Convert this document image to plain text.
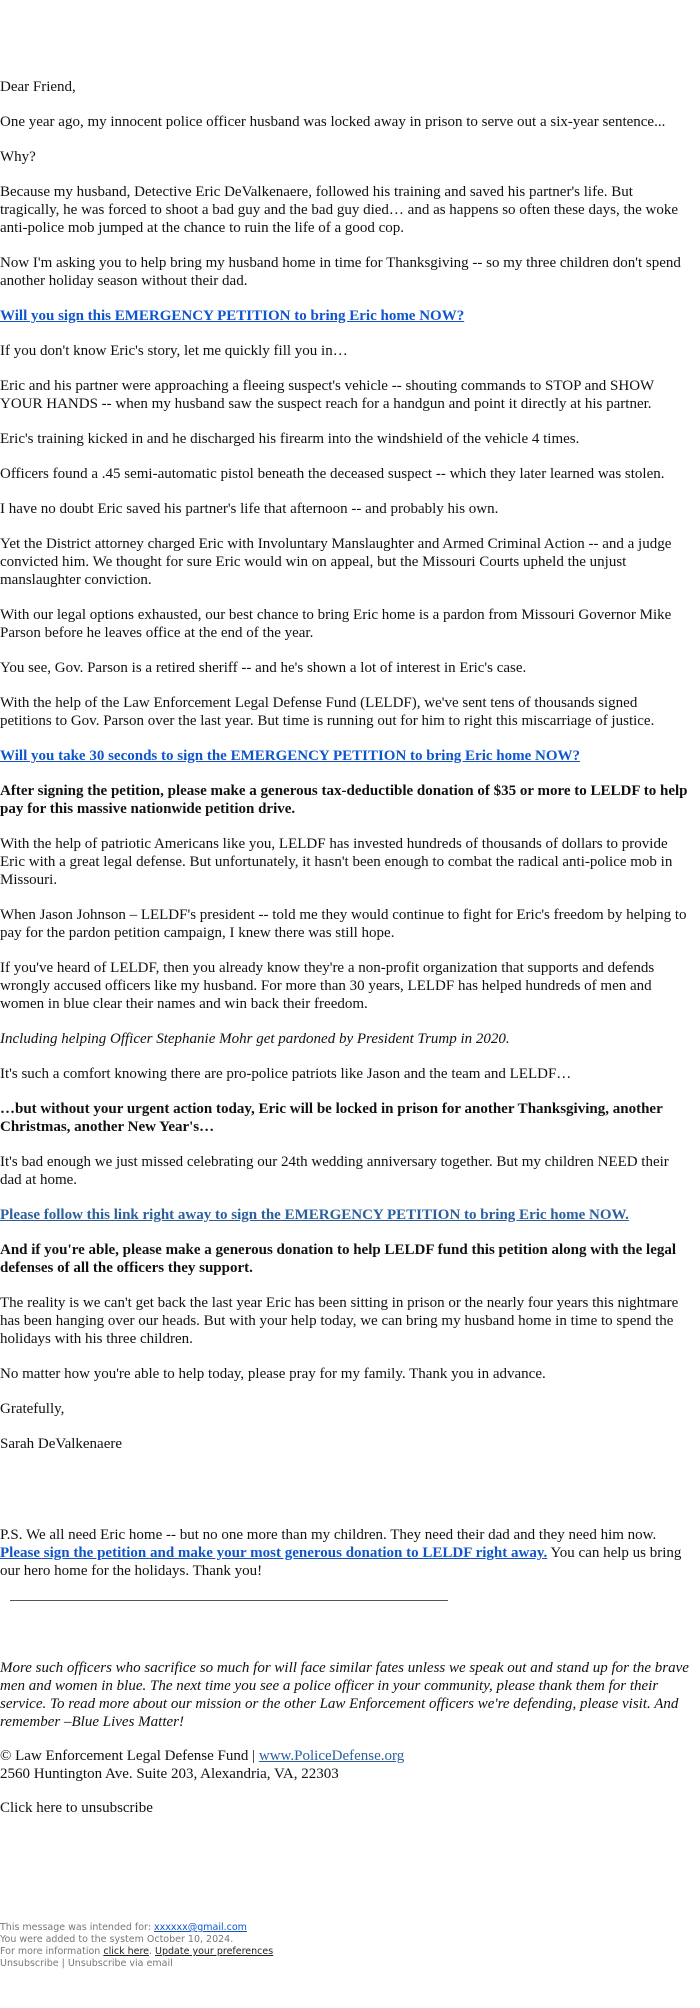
Dear Friend,

One year ago, my innocent police officer husband was locked away in prison to serve out a six-year sentence...

Why?

Because my husband, Detective Eric DeValkenaere, followed his training and saved his partner's life. But tragically, he was forced to shoot a bad guy and the bad guy died… and as happens so often these days, the woke anti-police mob jumped at the chance to ruin the life of a good cop.

Now I'm asking you to help bring my husband home in time for Thanksgiving -- so my three children don't spend another holiday season without their dad.

Will you sign this EMERGENCY PETITION to bring Eric home NOW?

If you don't know Eric's story, let me quickly fill you in…

Eric and his partner were approaching a fleeing suspect's vehicle -- shouting commands to STOP and SHOW YOUR HANDS -- when my husband saw the suspect reach for a handgun and point it directly at his partner.

Eric's training kicked in and he discharged his firearm into the windshield of the vehicle 4 times.

Officers found a .45 semi-automatic pistol beneath the deceased suspect -- which they later learned was stolen.

I have no doubt Eric saved his partner's life that afternoon -- and probably his own.

Yet the District attorney charged Eric with Involuntary Manslaughter and Armed Criminal Action -- and a judge convicted him. We thought for sure Eric would win on appeal, but the Missouri Courts upheld the unjust manslaughter conviction.

With our legal options exhausted, our best chance to bring Eric home is a pardon from Missouri Governor Mike Parson before he leaves office at the end of the year.

You see, Gov. Parson is a retired sheriff -- and he's shown a lot of interest in Eric's case.

With the help of the Law Enforcement Legal Defense Fund (LELDF), we've sent tens of thousands signed petitions to Gov. Parson over the last year. But time is running out for him to right this miscarriage of justice.

Will you take 30 seconds to sign the EMERGENCY PETITION to bring Eric home NOW?

After signing the petition, please make a generous tax-deductible donation of $35 or more to LELDF to help pay for this massive nationwide petition drive.

With the help of patriotic Americans like you, LELDF has invested hundreds of thousands of dollars to provide Eric with a great legal defense. But unfortunately, it hasn't been enough to combat the radical anti-police mob in Missouri.

When Jason Johnson – LELDF's president -- told me they would continue to fight for Eric's freedom by helping to pay for the pardon petition campaign, I knew there was still hope.

If you've heard of LELDF, then you already know they're a non-profit organization that supports and defends wrongly accused officers like my husband. For more than 30 years, LELDF has helped hundreds of men and women in blue clear their names and win back their freedom.

Including helping Officer Stephanie Mohr get pardoned by President Trump in 2020.

It's such a comfort knowing there are pro-police patriots like Jason and the team and LELDF…

…but without your urgent action today, Eric will be locked in prison for another Thanksgiving, another Christmas, another New Year's…

It's bad enough we just missed celebrating our 24th wedding anniversary together. But my children NEED their dad at home.

Please follow this link right away to sign the EMERGENCY PETITION to bring Eric home NOW.

And if you're able, please make a generous donation to help LELDF fund this petition along with the legal defenses of all the officers they support.

The reality is we can't get back the last year Eric has been sitting in prison or the nearly four years this nightmare has been hanging over our heads. But with your help today, we can bring my husband home in time to spend the holidays with his three children.

No matter how you're able to help today, please pray for my family. Thank you in advance.

Gratefully,

Sarah DeValkenaere

P.S. We all need Eric home -- but no one more than my children. They need their dad and they need him now. Please sign the petition and make your most generous donation to LELDF right away. You can help us bring our hero home for the holidays. Thank you!

More such officers who sacrifice so much for will face similar fates unless we speak out and stand up for the brave men and women in blue. The next time you see a police officer in your community, please thank them for their service. To read more about our mission or the other Law Enforcement officers we're defending, please visit. And remember –Blue Lives Matter!

© Law Enforcement Legal Defense Fund | www.PoliceDefense.org
2560 Huntington Ave. Suite 203, Alexandria, VA, 22303

Click here to unsubscribe

This message was intended for: xxxxxx@gmail.com
You were added to the system October 10, 2024.
For more information click here. Update your preferences
Unsubscribe | Unsubscribe via email
